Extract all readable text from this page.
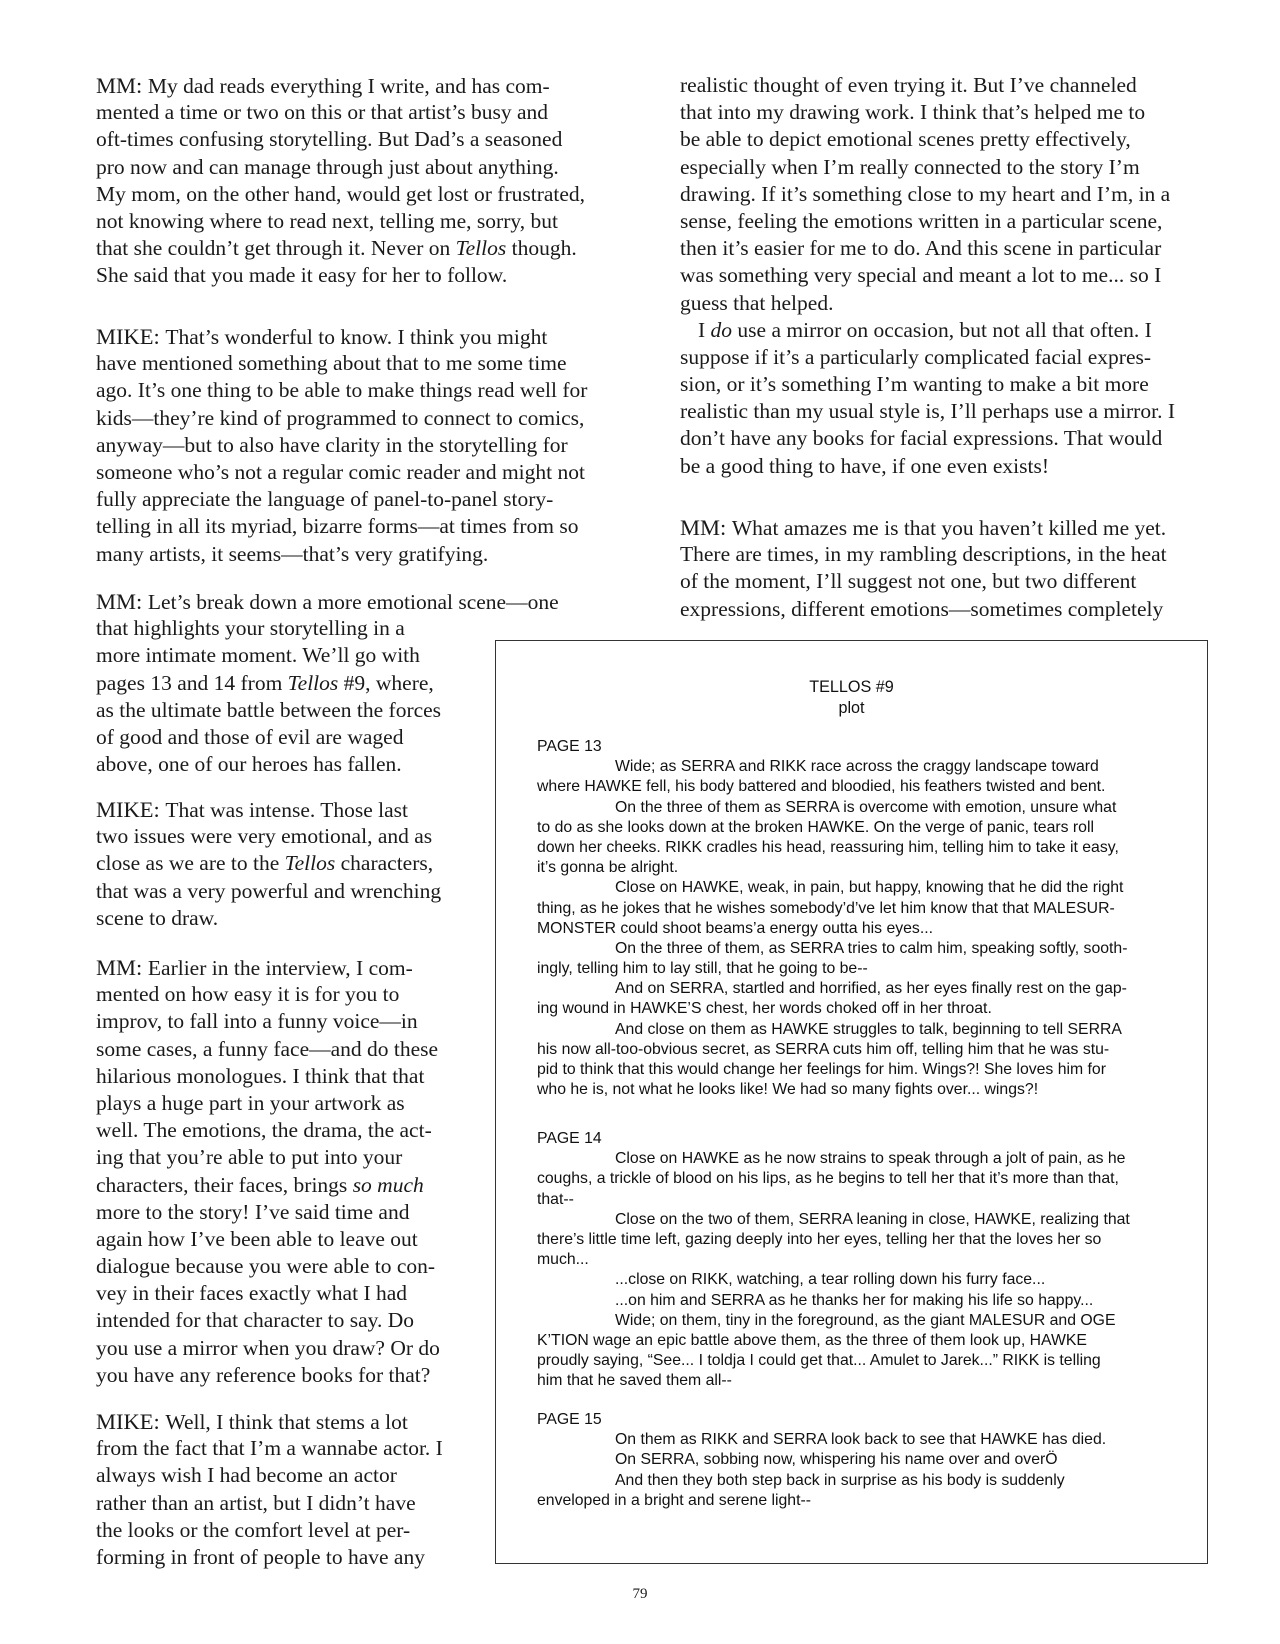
MM: My dad reads everything I write, and has com-
mented a time or two on this or that artist’s busy and
oft-times confusing storytelling. But Dad’s a seasoned
pro now and can manage through just about anything.
My mom, on the other hand, would get lost or frustrated,
not knowing where to read next, telling me, sorry, but
that she couldn’t get through it. Never on Tellos though.
She said that you made it easy for her to follow.
MIKE: That’s wonderful to know. I think you might
have mentioned something about that to me some time
ago. It’s one thing to be able to make things read well for
kids—they’re kind of programmed to connect to comics,
anyway—but to also have clarity in the storytelling for
someone who’s not a regular comic reader and might not
fully appreciate the language of panel-to-panel story-
telling in all its myriad, bizarre forms—at times from so
many artists, it seems—that’s very gratifying.
MM: Let’s break down a more emotional scene—one
that highlights your storytelling in a
more intimate moment. We’ll go with
pages 13 and 14 from Tellos #9, where,
as the ultimate battle between the forces
of good and those of evil are waged
above, one of our heroes has fallen.
MIKE: That was intense. Those last
two issues were very emotional, and as
close as we are to the Tellos characters,
that was a very powerful and wrenching
scene to draw.
MM: Earlier in the interview, I com-
mented on how easy it is for you to
improv, to fall into a funny voice—in
some cases, a funny face—and do these
hilarious monologues. I think that that
plays a huge part in your artwork as
well. The emotions, the drama, the act-
ing that you’re able to put into your
characters, their faces, brings so much
more to the story! I’ve said time and
again how I’ve been able to leave out
dialogue because you were able to con-
vey in their faces exactly what I had
intended for that character to say. Do
you use a mirror when you draw? Or do
you have any reference books for that?
MIKE: Well, I think that stems a lot
from the fact that I’m a wannabe actor. I
always wish I had become an actor
rather than an artist, but I didn’t have
the looks or the comfort level at per-
forming in front of people to have any
realistic thought of even trying it. But I’ve channeled
that into my drawing work. I think that’s helped me to
be able to depict emotional scenes pretty effectively,
especially when I’m really connected to the story I’m
drawing. If it’s something close to my heart and I’m, in a
sense, feeling the emotions written in a particular scene,
then it’s easier for me to do. And this scene in particular
was something very special and meant a lot to me... so I
guess that helped.
I do use a mirror on occasion, but not all that often. I
suppose if it’s a particularly complicated facial expres-
sion, or it’s something I’m wanting to make a bit more
realistic than my usual style is, I’ll perhaps use a mirror. I
don’t have any books for facial expressions. That would
be a good thing to have, if one even exists!
MM: What amazes me is that you haven’t killed me yet.
There are times, in my rambling descriptions, in the heat
of the moment, I’ll suggest not one, but two different
expressions, different emotions—sometimes completely
TELLOS #9
plot
PAGE 13
Wide; as SERRA and RIKK race across the craggy landscape toward
where HAWKE fell, his body battered and bloodied, his feathers twisted and bent.
On the three of them as SERRA is overcome with emotion, unsure what
to do as she looks down at the broken HAWKE. On the verge of panic, tears roll
down her cheeks. RIKK cradles his head, reassuring him, telling him to take it easy,
it’s gonna be alright.
Close on HAWKE, weak, in pain, but happy, knowing that he did the right
thing, as he jokes that he wishes somebody’d’ve let him know that that MALESUR-
MONSTER could shoot beams’a energy outta his eyes...
On the three of them, as SERRA tries to calm him, speaking softly, sooth-
ingly, telling him to lay still, that he going to be--
And on SERRA, startled and horrified, as her eyes finally rest on the gap-
ing wound in HAWKE’S chest, her words choked off in her throat.
And close on them as HAWKE struggles to talk, beginning to tell SERRA
his now all-too-obvious secret, as SERRA cuts him off, telling him that he was stu-
pid to think that this would change her feelings for him. Wings?! She loves him for
who he is, not what he looks like! We had so many fights over... wings?!
PAGE 14
Close on HAWKE as he now strains to speak through a jolt of pain, as he
coughs, a trickle of blood on his lips, as he begins to tell her that it’s more than that,
that--
Close on the two of them, SERRA leaning in close, HAWKE, realizing that
there’s little time left, gazing deeply into her eyes, telling her that the loves her so
much...
...close on RIKK, watching, a tear rolling down his furry face...
...on him and SERRA as he thanks her for making his life so happy...
Wide; on them, tiny in the foreground, as the giant MALESUR and OGE
K’TION wage an epic battle above them, as the three of them look up, HAWKE
proudly saying, “See... I toldja I could get that... Amulet to Jarek...” RIKK is telling
him that he saved them all--
PAGE 15
On them as RIKK and SERRA look back to see that HAWKE has died.
On SERRA, sobbing now, whispering his name over and overÖ
And then they both step back in surprise as his body is suddenly
enveloped in a bright and serene light--
79
